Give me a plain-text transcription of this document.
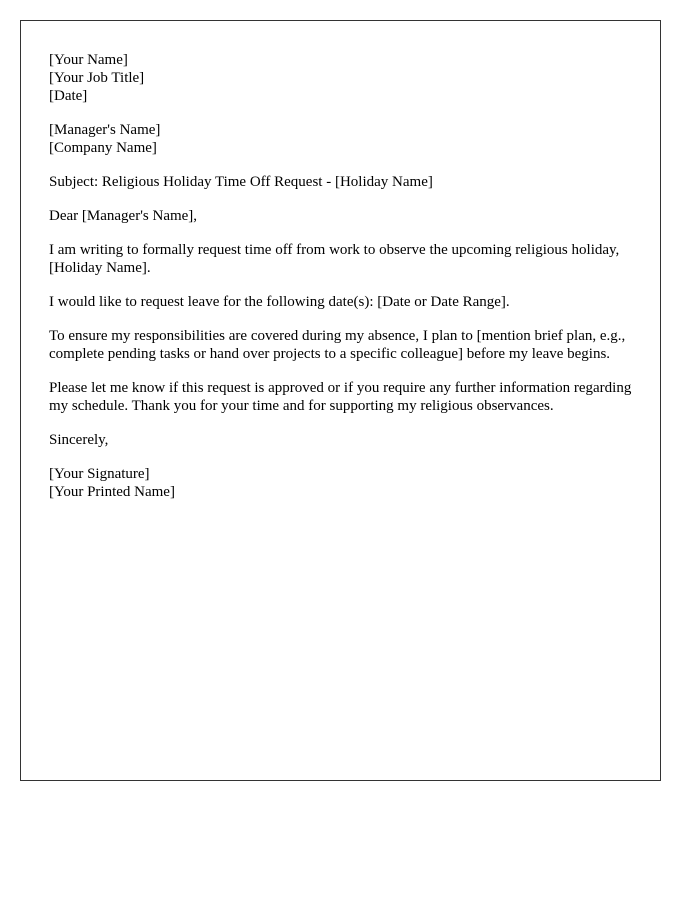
[Your Name]
[Your Job Title]
[Date]

[Manager's Name]
[Company Name]

Subject: Religious Holiday Time Off Request - [Holiday Name]

Dear [Manager's Name],

I am writing to formally request time off from work to observe the upcoming religious holiday, [Holiday Name].

I would like to request leave for the following date(s): [Date or Date Range].

To ensure my responsibilities are covered during my absence, I plan to [mention brief plan, e.g., complete pending tasks or hand over projects to a specific colleague] before my leave begins.

Please let me know if this request is approved or if you require any further information regarding my schedule. Thank you for your time and for supporting my religious observances.

Sincerely,

[Your Signature]
[Your Printed Name]
